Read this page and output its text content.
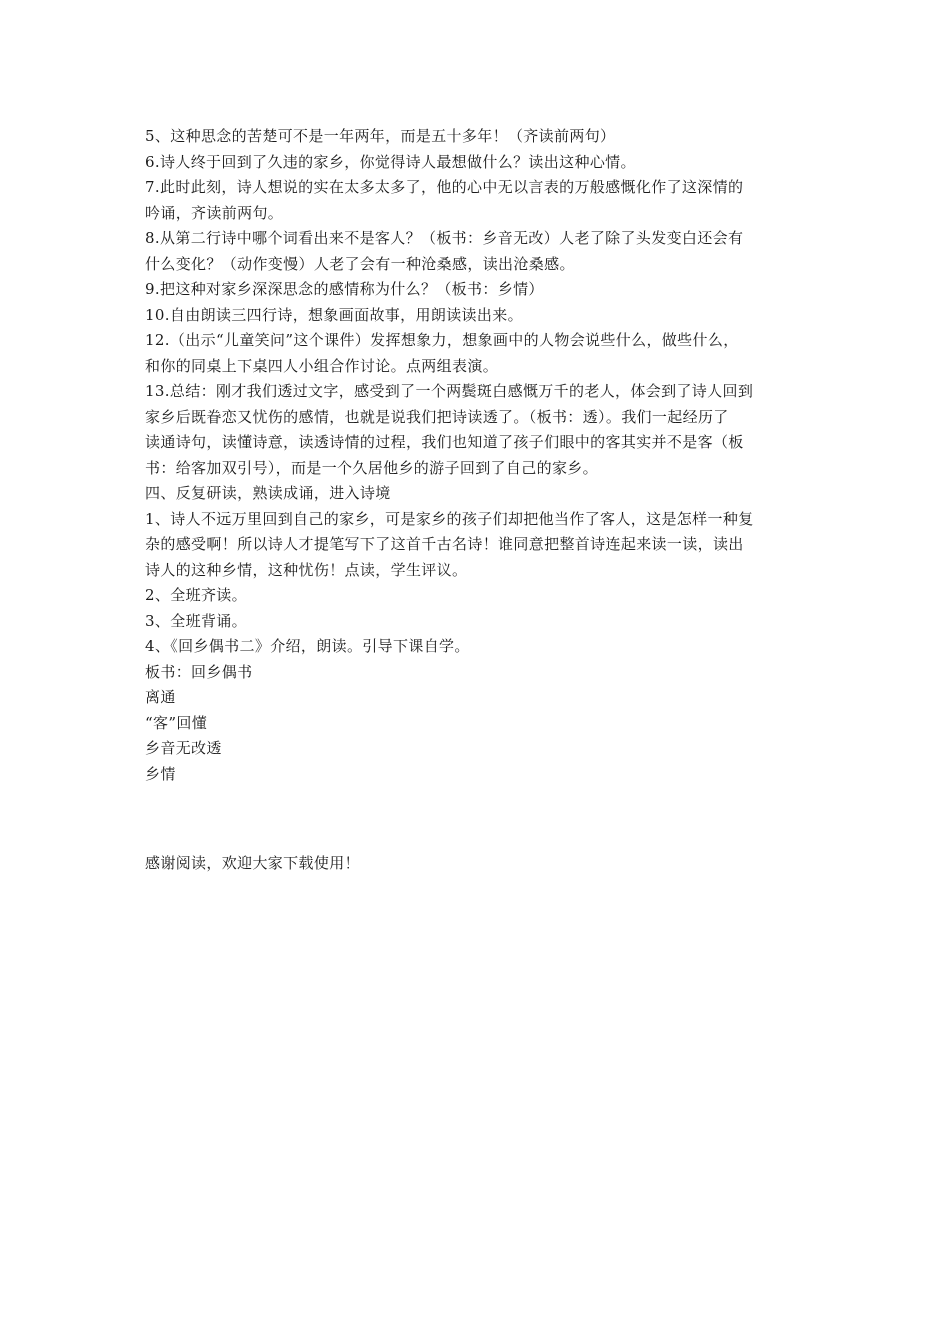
5、这种思念的苦楚可不是一年两年，而是五十多年！（齐读前两句）
6.诗人终于回到了久违的家乡，你觉得诗人最想做什么？读出这种心情。
7.此时此刻，诗人想说的实在太多太多了，他的心中无以言表的万般感慨化作了这深情的
吟诵，齐读前两句。
8.从第二行诗中哪个词看出来不是客人？（板书：乡音无改）人老了除了头发变白还会有
什么变化？（动作变慢）人老了会有一种沧桑感，读出沧桑感。
9.把这种对家乡深深思念的感情称为什么？（板书：乡情）
10.自由朗读三四行诗，想象画面故事，用朗读读出来。
12.（出示“儿童笑问”这个课件）发挥想象力，想象画中的人物会说些什么，做些什么，
和你的同桌上下桌四人小组合作讨论。点两组表演。
13.总结：刚才我们透过文字，感受到了一个两鬓斑白感慨万千的老人，体会到了诗人回到
家乡后既眷恋又忧伤的感情，也就是说我们把诗读透了。（板书：透）。我们一起经历了
读通诗句，读懂诗意，读透诗情的过程，我们也知道了孩子们眼中的客其实并不是客（板
书：给客加双引号），而是一个久居他乡的游子回到了自己的家乡。
四、反复研读，熟读成诵，进入诗境
1、诗人不远万里回到自己的家乡，可是家乡的孩子们却把他当作了客人，这是怎样一种复
杂的感受啊！所以诗人才提笔写下了这首千古名诗！谁同意把整首诗连起来读一读，读出
诗人的这种乡情，这种忧伤！点读，学生评议。
2、全班齐读。
3、全班背诵。
4、《回乡偶书二》介绍，朗读。引导下课自学。
板书：回乡偶书
离通
“客”回懂
乡音无改透
乡情
感谢阅读，欢迎大家下载使用！
